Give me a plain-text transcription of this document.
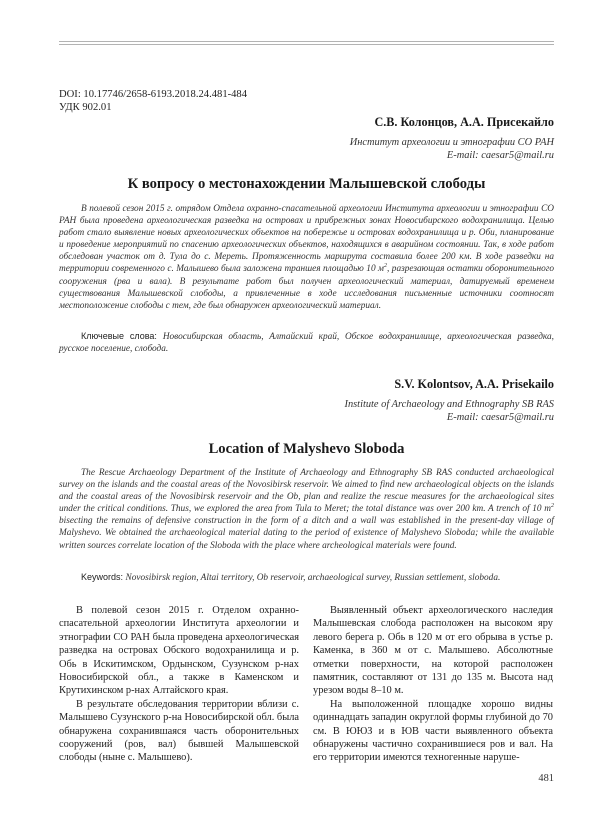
DOI: 10.17746/2658-6193.2018.24.481-484
УДК 902.01
С.В. Колонцов, А.А. Присекайло
Институт археологии и этнографии СО РАН
E-mail: caesar5@mail.ru
К вопросу о местонахождении Малышевской слободы

В полевой сезон 2015 г. отрядом Отдела охранно-спасательной археологии Института археологии и этнографии СО РАН была проведена археологическая разведка на островах и прибрежных зонах Новосибирского водохранилища. Целью работ стало выявление новых археологических объектов на побережье и островах водохранилища и р. Оби, планирование и проведение мероприятий по спасению археологических объектов, находящихся в аварийном состоянии. Так, в ходе работ обследован участок от д. Тула до с. Мереть. Протяженность маршрута составила более 200 км. В ходе разведки на территории современного с. Малышево была заложена траншея площадью 10 $м^2$, разрезающая остатки оборонительного сооружения (рва и вала). В результате работ был получен археологический материал, датируемый временем существования Малышевской слободы, а привлеченные в ходе исследования письменные источники соотносят местоположение слободы с тем, где был обнаружен археологический материал.

Ключевые слова: Новосибирская область, Алтайский край, Обское водохранилище, археологическая разведка, русское поселение, слобода.
S.V. Kolontsov, A.A. Prisekailo
Institute of Archaeology and Ethnography SB RAS
E-mail: caesar5@mail.ru
Location of Malyshevo Sloboda

The Rescue Archaeology Department of the Institute of Archaeology and Ethnography SB RAS conducted archaeological survey on the islands and the coastal areas of the Novosibirsk reservoir. We aimed to find new archaeological objects on the islands and the coastal areas of the Novosibirsk reservoir and the Ob, plan and realize the rescue measures for the archaeological sites under the critical conditions. Thus, we explored the area from Tula to Meret; the total distance was over 200 km. A trench of 10 $m^2$ bisecting the remains of defensive construction in the form of a ditch and a wall was established in the present-day village of Malyshevo. We obtained the archaeological material dating to the period of existence of Malyshevo Sloboda; while the available written sources correlate location of the Sloboda with the place where archeological materials were found.

Keywords: Novosibirsk region, Altai territory, Ob reservoir, archaeological survey, Russian settlement, sloboda.

В полевой сезон 2015 г. Отделом охранно-спасательной археологии Института археологии и этнографии СО РАН была проведена археологическая разведка на островах Обского водохранилища и р. Обь в Искитимском, Ордынском, Сузунском р-нах Новосибирской обл., а также в Каменском и Крутихинском р-нах Алтайского края.

В результате обследования территории вблизи с. Малышево Сузунского р-на Новосибирской обл. была обнаружена сохранившаяся часть оборонительных сооружений (ров, вал) бывшей Малышевской слободы (ныне с. Малышево).

Выявленный объект археологического наследия Малышевская слобода расположен на высоком яру левого берега р. Обь в 120 м от его обрыва в устье р. Каменка, в 360 м от с. Малышево. Абсолютные отметки поверхности, на которой расположен памятник, составляют от 131 до 135 м. Высота над урезом воды 8–10 м.

На выположенной площадке хорошо видны одиннадцать западин округлой формы глубиной до 70 см. В ЮЮЗ и в ЮВ части выявленного объекта обнаружены частично сохранившиеся ров и вал. На его территории имеются техногенные наруше-

481
